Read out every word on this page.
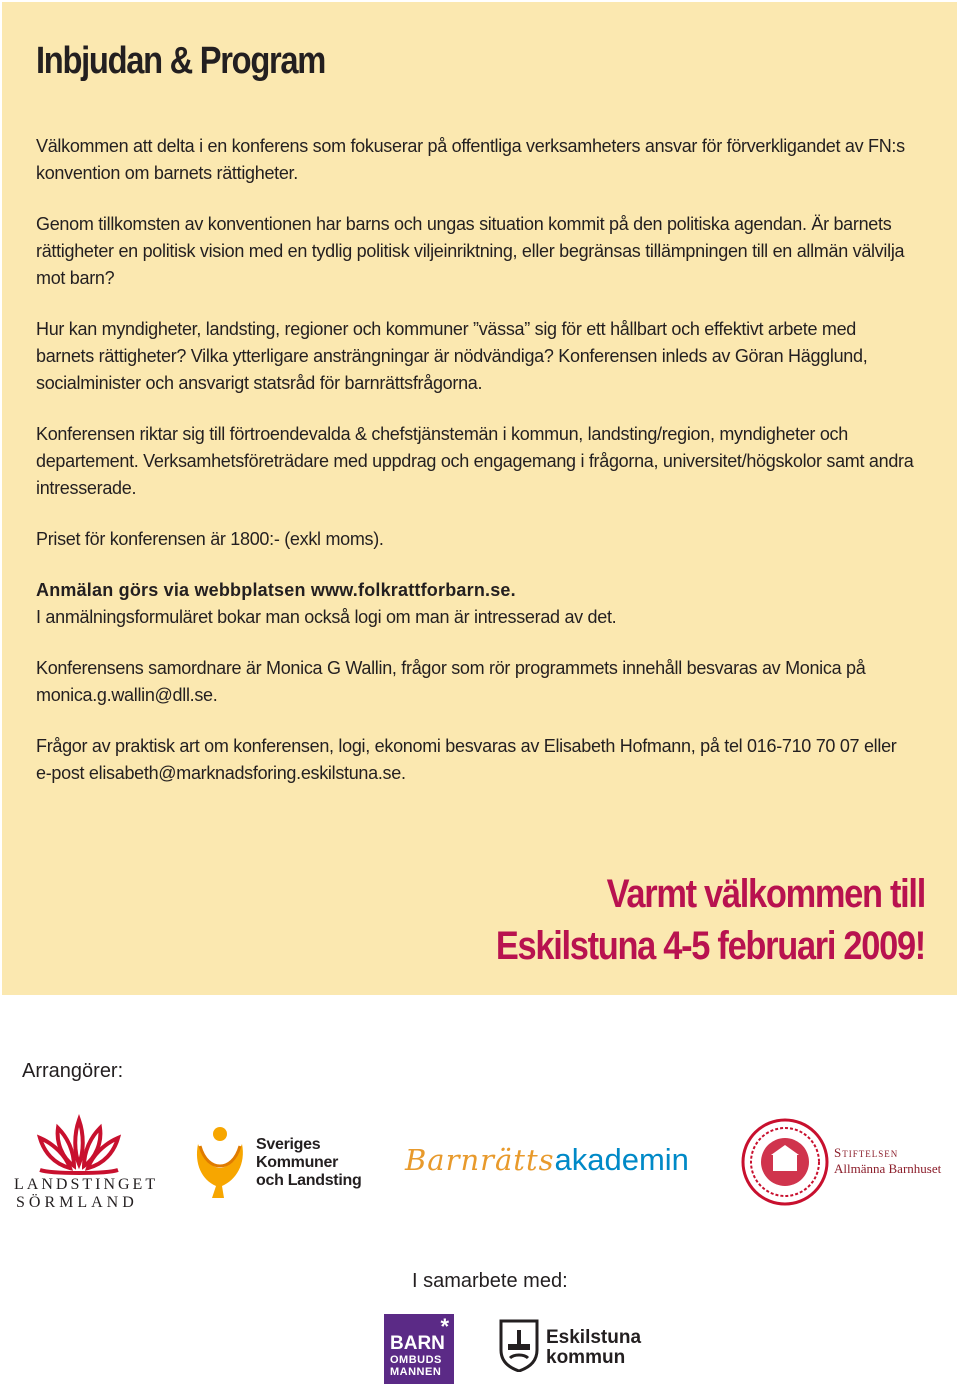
Inbjudan & Program

Välkommen att delta i en konferens som fokuserar på offentliga verksamheters ansvar för förverkligandet av FN:s konvention om barnets rättigheter.

Genom tillkomsten av konventionen har barns och ungas situation kommit på den politiska agendan. Är barnets rättigheter en politisk vision med en tydlig politisk viljeinriktning, eller begränsas tillämpningen till en allmän välvilja mot barn?

Hur kan myndigheter, landsting, regioner och kommuner ”vässa” sig för ett hållbart och effektivt arbete med barnets rättigheter? Vilka ytterligare ansträngningar är nödvändiga? Konferensen inleds av Göran Hägglund, socialminister och ansvarigt statsråd för barnrättsfrågorna.

Konferensen riktar sig till förtroendevalda & chefstjänstemän i kommun, landsting/region, myndigheter och departement. Verksamhetsföreträdare med uppdrag och engagemang i frågorna, universitet/högskolor samt andra intresserade.

Priset för konferensen är 1800:- (exkl moms).

Anmälan görs via webbplatsen www.folkrattforbarn.se.

I anmälningsformuläret bokar man också logi om man är intresserad av det.

Konferensens samordnare är Monica G Wallin, frågor som rör programmets innehåll besvaras av Monica på monica.g.wallin@dll.se.

Frågor av praktisk art om konferensen, logi, ekonomi besvaras av Elisabeth Hofmann, på tel 016-710 70 07 eller e-post elisabeth@marknadsforing.eskilstuna.se.

Varmt välkommen till
Eskilstuna 4-5 februari 2009!
Arrangörer:
LANDSTINGET
SÖRMLAND
Sveriges
Kommuner
och Landsting
Barnrättsakademin	Stiftelsen
Allmänna Barnhuset
I samarbete med:
*
BARN
OMBUDS
MANNEN
Eskilstuna
kommun
